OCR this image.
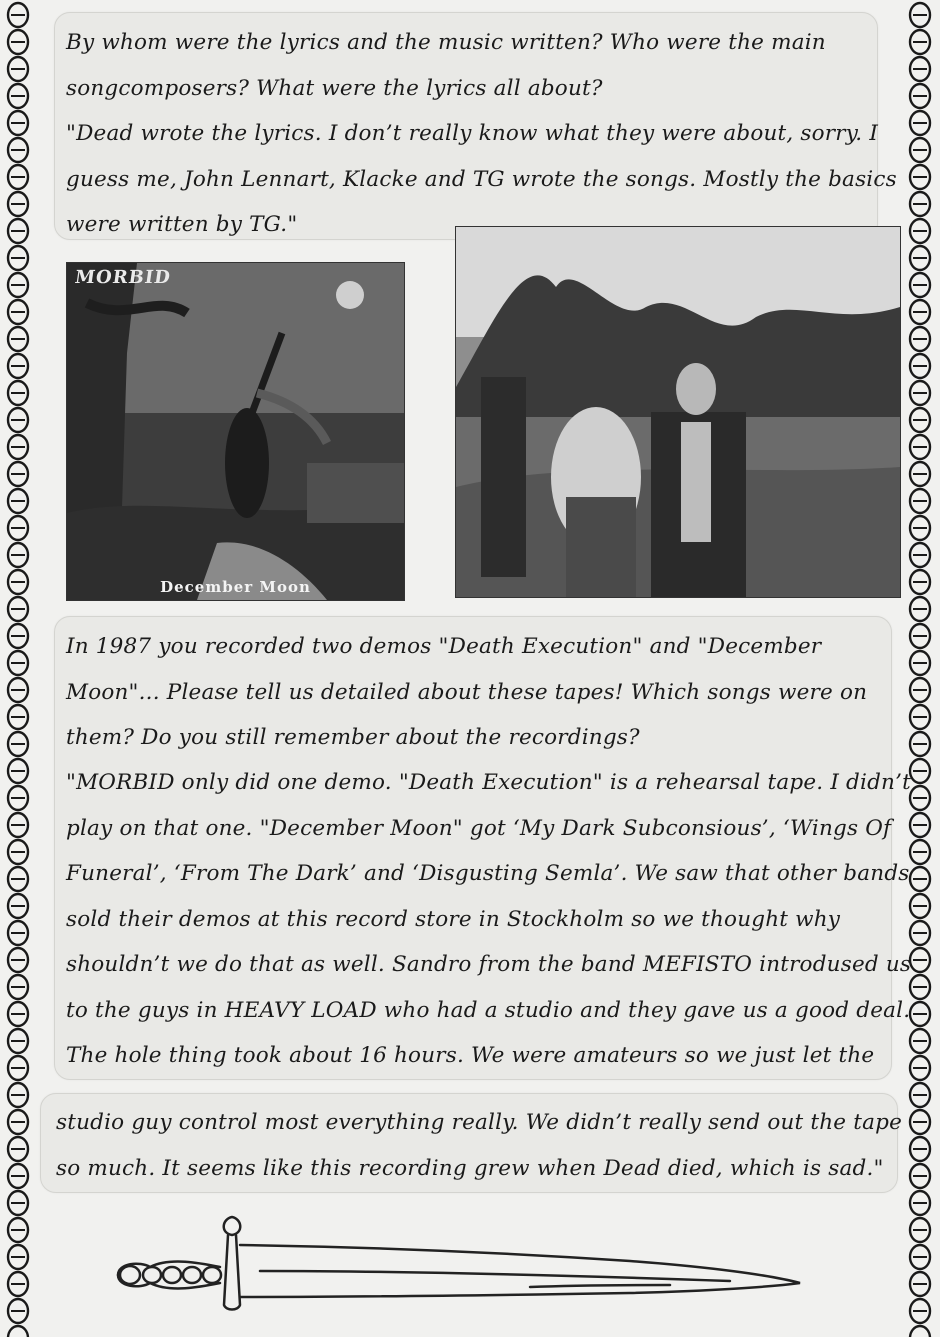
By whom were the lyrics and the music written? Who were the main
songcomposers? What were the lyrics all about?
"Dead wrote the lyrics. I don’t really know what they were about, sorry. I
guess me, John Lennart, Klacke and TG wrote the songs. Mostly the basics
were written by TG."
MORBID
December Moon
In 1987 you recorded two demos "Death Execution" and "December
Moon"... Please tell us detailed about these tapes! Which songs were on
them? Do you still remember about the recordings?
"MORBID only did one demo. "Death Execution" is a rehearsal tape. I didn’t
play on that one. "December Moon" got ‘My Dark Subconsious’, ‘Wings Of
Funeral’, ‘From The Dark’ and ‘Disgusting Semla’. We saw that other bands
sold their demos at this record store in Stockholm so we thought why
shouldn’t we do that as well. Sandro from the band MEFISTO introdused us
to the guys in HEAVY LOAD who had a studio and they gave us a good deal.
The hole thing took about 16 hours. We were amateurs so we just let the
studio guy control most everything really. We didn’t really send out the tape
so much. It seems like this recording grew when Dead died, which is sad."
